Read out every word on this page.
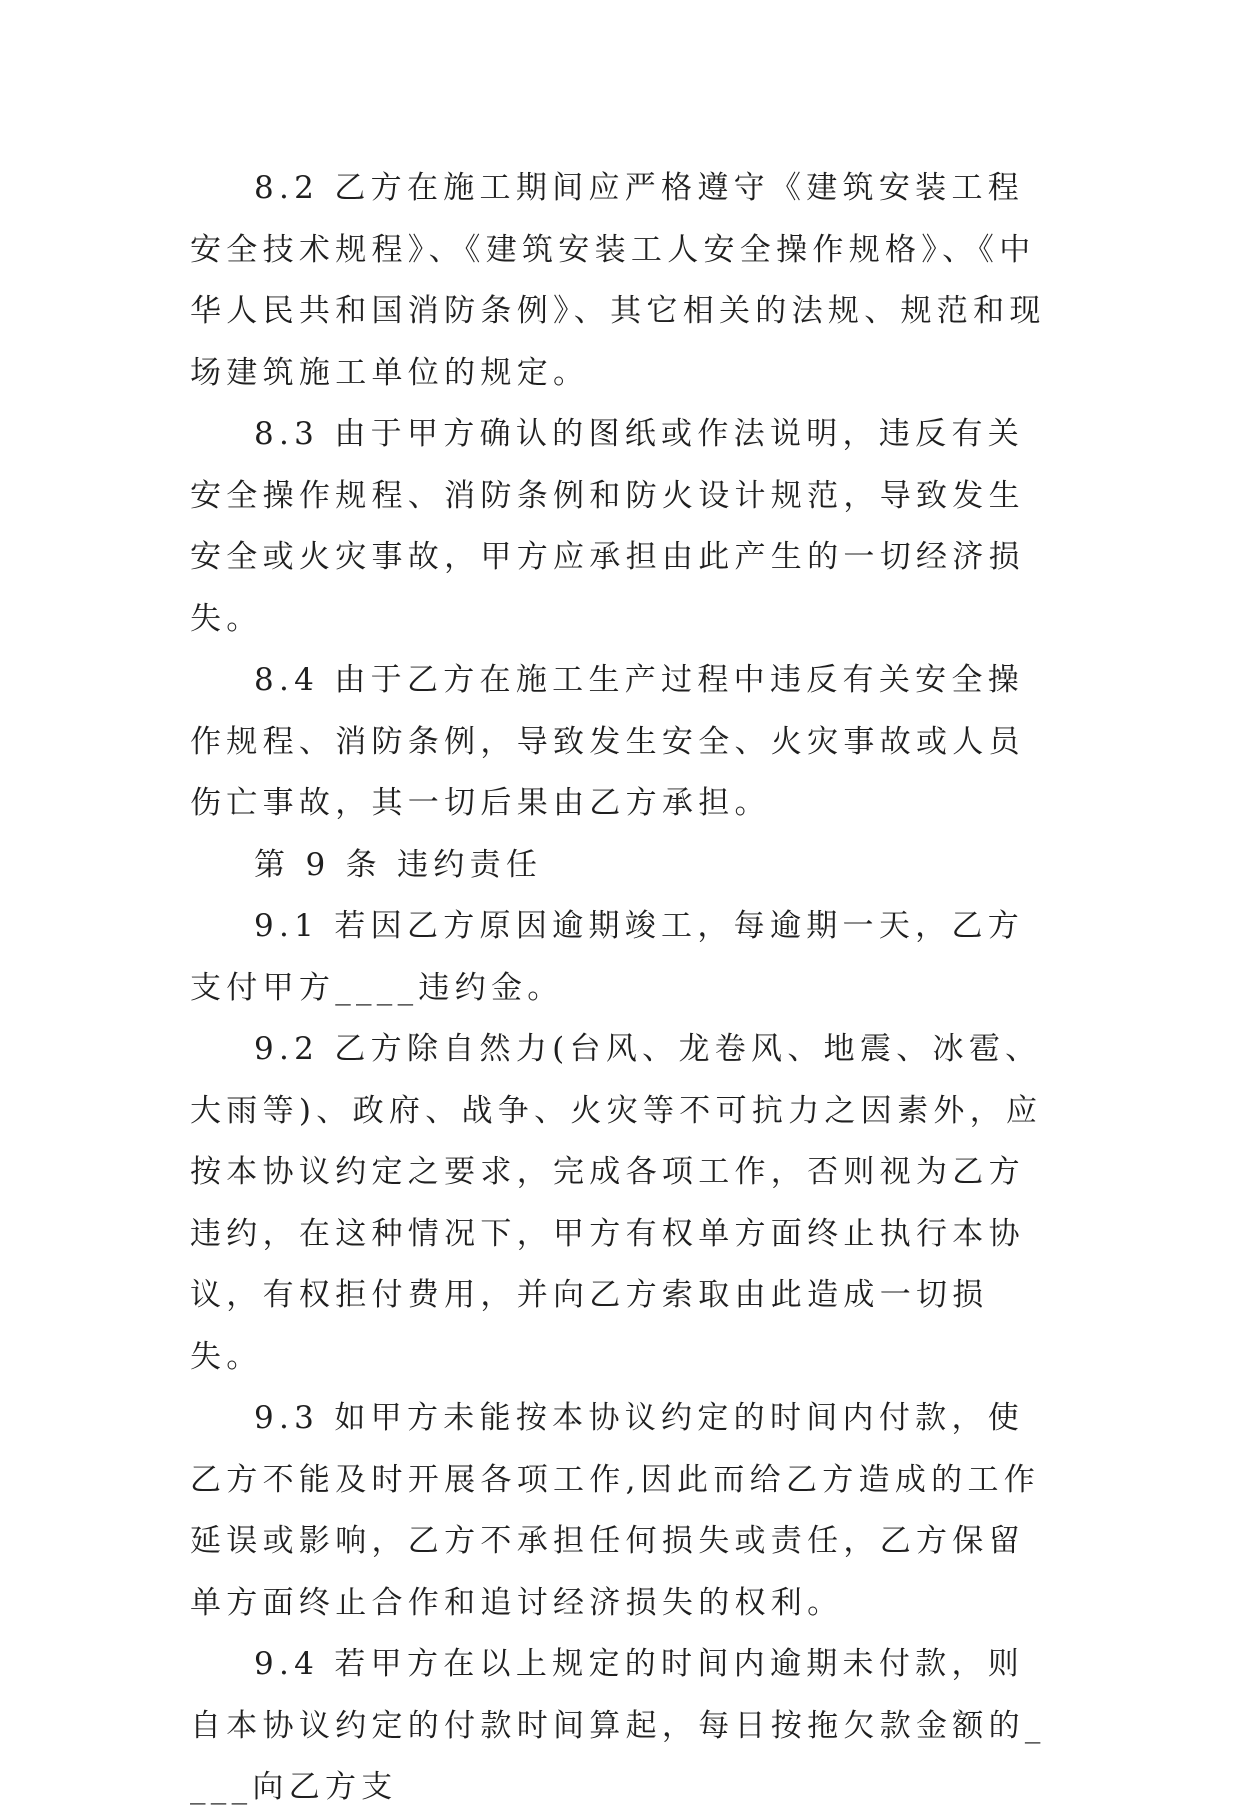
8.2 乙方在施工期间应严格遵守《建筑安装工程安全技术规程》、《建筑安装工人安全操作规格》、《中华人民共和国消防条例》、其它相关的法规、规范和现场建筑施工单位的规定。

8.3 由于甲方确认的图纸或作法说明，违反有关安全操作规程、消防条例和防火设计规范，导致发生安全或火灾事故，甲方应承担由此产生的一切经济损失。

8.4 由于乙方在施工生产过程中违反有关安全操作规程、消防条例，导致发生安全、火灾事故或人员伤亡事故，其一切后果由乙方承担。

第 9 条 违约责任

9.1 若因乙方原因逾期竣工，每逾期一天，乙方支付甲方____违约金。

9.2 乙方除自然力(台风、龙卷风、地震、冰雹、大雨等)、政府、战争、火灾等不可抗力之因素外，应按本协议约定之要求，完成各项工作，否则视为乙方违约，在这种情况下，甲方有权单方面终止执行本协议，有权拒付费用，并向乙方索取由此造成一切损失。

9.3 如甲方未能按本协议约定的时间内付款，使乙方不能及时开展各项工作,因此而给乙方造成的工作延误或影响，乙方不承担任何损失或责任，乙方保留单方面终止合作和追讨经济损失的权利。

9.4 若甲方在以上规定的时间内逾期未付款，则自本协议约定的付款时间算起，每日按拖欠款金额的____向乙方支
